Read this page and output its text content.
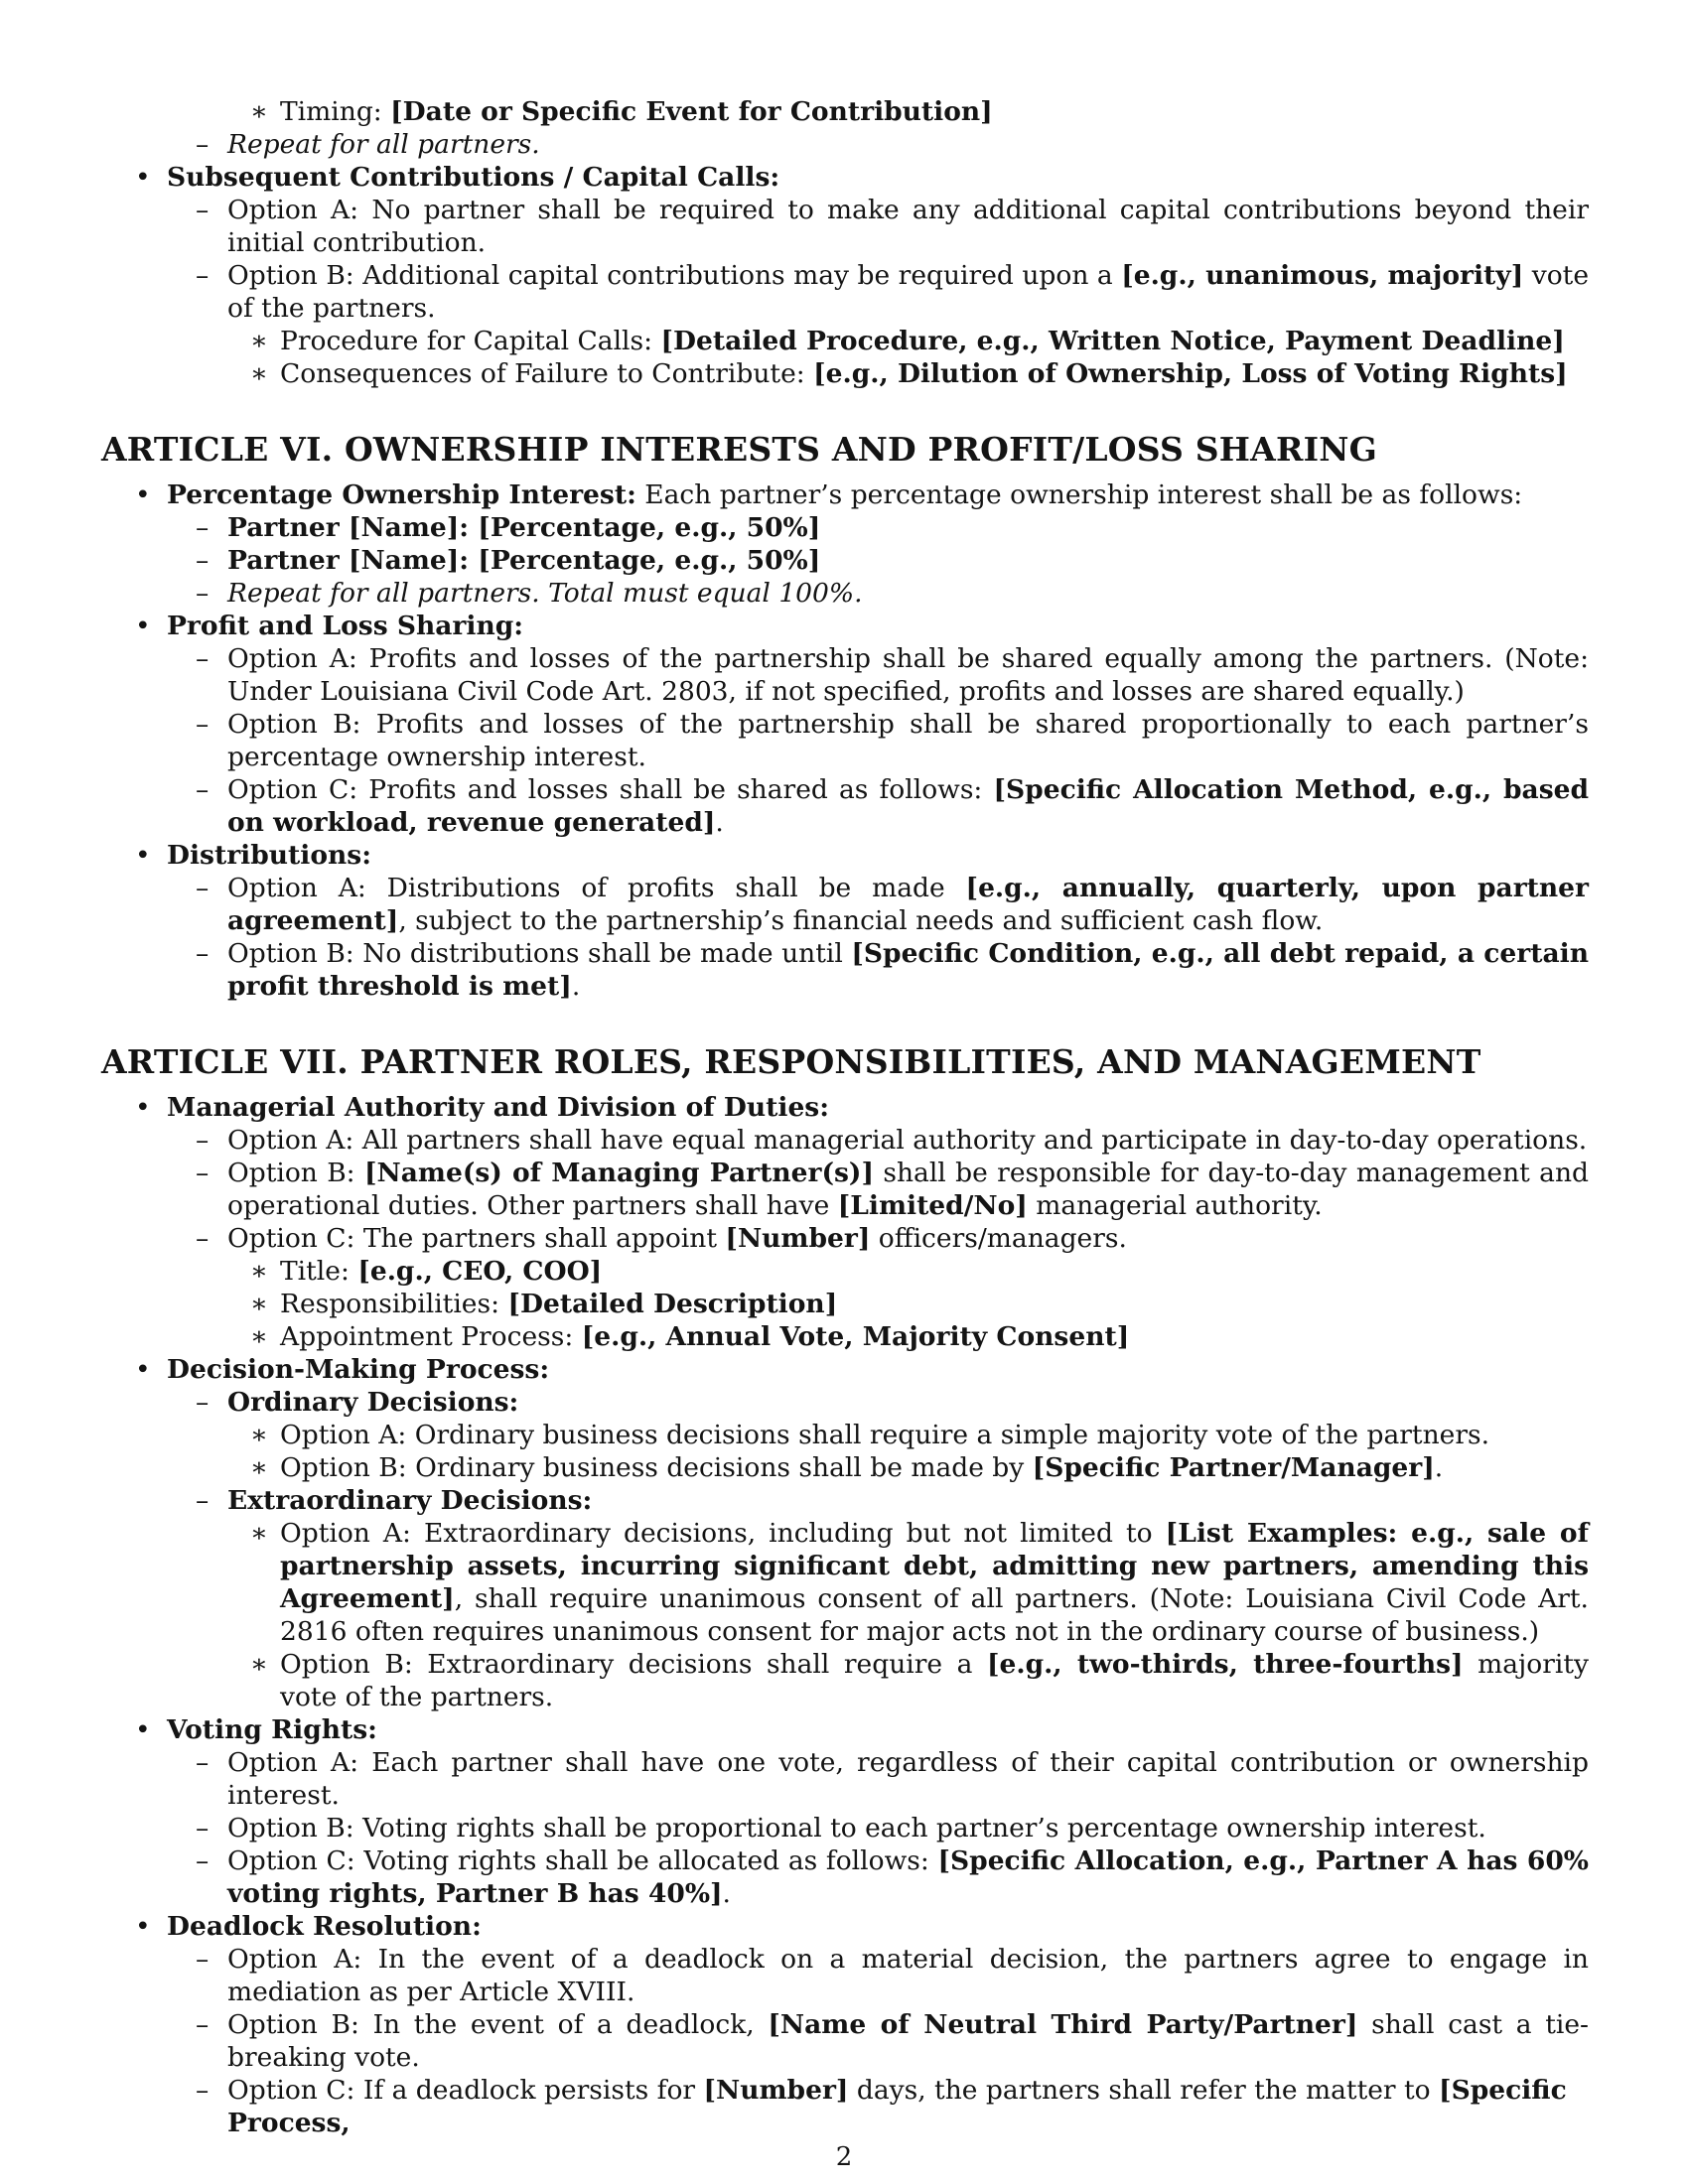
∗ Timing: [Date or Specific Event for Contribution]
– Repeat for all partners.
• Subsequent Contributions / Capital Calls:
– Option A: No partner shall be required to make any additional capital contributions beyond their initial contribution.
– Option B: Additional capital contributions may be required upon a [e.g., unanimous, majority] vote of the partners.
∗ Procedure for Capital Calls: [Detailed Procedure, e.g., Written Notice, Payment Deadline]
∗ Consequences of Failure to Contribute: [e.g., Dilution of Ownership, Loss of Voting Rights]
ARTICLE VI. OWNERSHIP INTERESTS AND PROFIT/LOSS SHARING
• Percentage Ownership Interest: Each partner’s percentage ownership interest shall be as follows:
– Partner [Name]: [Percentage, e.g., 50%]
– Partner [Name]: [Percentage, e.g., 50%]
– Repeat for all partners. Total must equal 100%.
• Profit and Loss Sharing:
– Option A: Profits and losses of the partnership shall be shared equally among the partners. (Note: Under Louisiana Civil Code Art. 2803, if not specified, profits and losses are shared equally.)
– Option B: Profits and losses of the partnership shall be shared proportionally to each partner’s percentage ownership interest.
– Option C: Profits and losses shall be shared as follows: [Specific Allocation Method, e.g., based on workload, revenue generated].
• Distributions:
– Option A: Distributions of profits shall be made [e.g., annually, quarterly, upon partner agreement], subject to the partnership’s financial needs and sufficient cash flow.
– Option B: No distributions shall be made until [Specific Condition, e.g., all debt repaid, a certain profit threshold is met].
ARTICLE VII. PARTNER ROLES, RESPONSIBILITIES, AND MANAGEMENT
• Managerial Authority and Division of Duties:
– Option A: All partners shall have equal managerial authority and participate in day-to-day operations.
– Option B: [Name(s) of Managing Partner(s)] shall be responsible for day-to-day management and operational duties. Other partners shall have [Limited/No] managerial authority.
– Option C: The partners shall appoint [Number] officers/managers.
∗ Title: [e.g., CEO, COO]
∗ Responsibilities: [Detailed Description]
∗ Appointment Process: [e.g., Annual Vote, Majority Consent]
• Decision-Making Process:
– Ordinary Decisions:
∗ Option A: Ordinary business decisions shall require a simple majority vote of the partners.
∗ Option B: Ordinary business decisions shall be made by [Specific Partner/Manager].
– Extraordinary Decisions:
∗ Option A: Extraordinary decisions, including but not limited to [List Examples: e.g., sale of partnership assets, incurring significant debt, admitting new partners, amending this Agreement], shall require unanimous consent of all partners. (Note: Louisiana Civil Code Art. 2816 often requires unanimous consent for major acts not in the ordinary course of business.)
∗ Option B: Extraordinary decisions shall require a [e.g., two-thirds, three-fourths] majority vote of the partners.
• Voting Rights:
– Option A: Each partner shall have one vote, regardless of their capital contribution or ownership interest.
– Option B: Voting rights shall be proportional to each partner’s percentage ownership interest.
– Option C: Voting rights shall be allocated as follows: [Specific Allocation, e.g., Partner A has 60% voting rights, Partner B has 40%].
• Deadlock Resolution:
– Option A: In the event of a deadlock on a material decision, the partners agree to engage in mediation as per Article XVIII.
– Option B: In the event of a deadlock, [Name of Neutral Third Party/Partner] shall cast a tie-breaking vote.
– Option C: If a deadlock persists for [Number] days, the partners shall refer the matter to [Specific Process,
2
